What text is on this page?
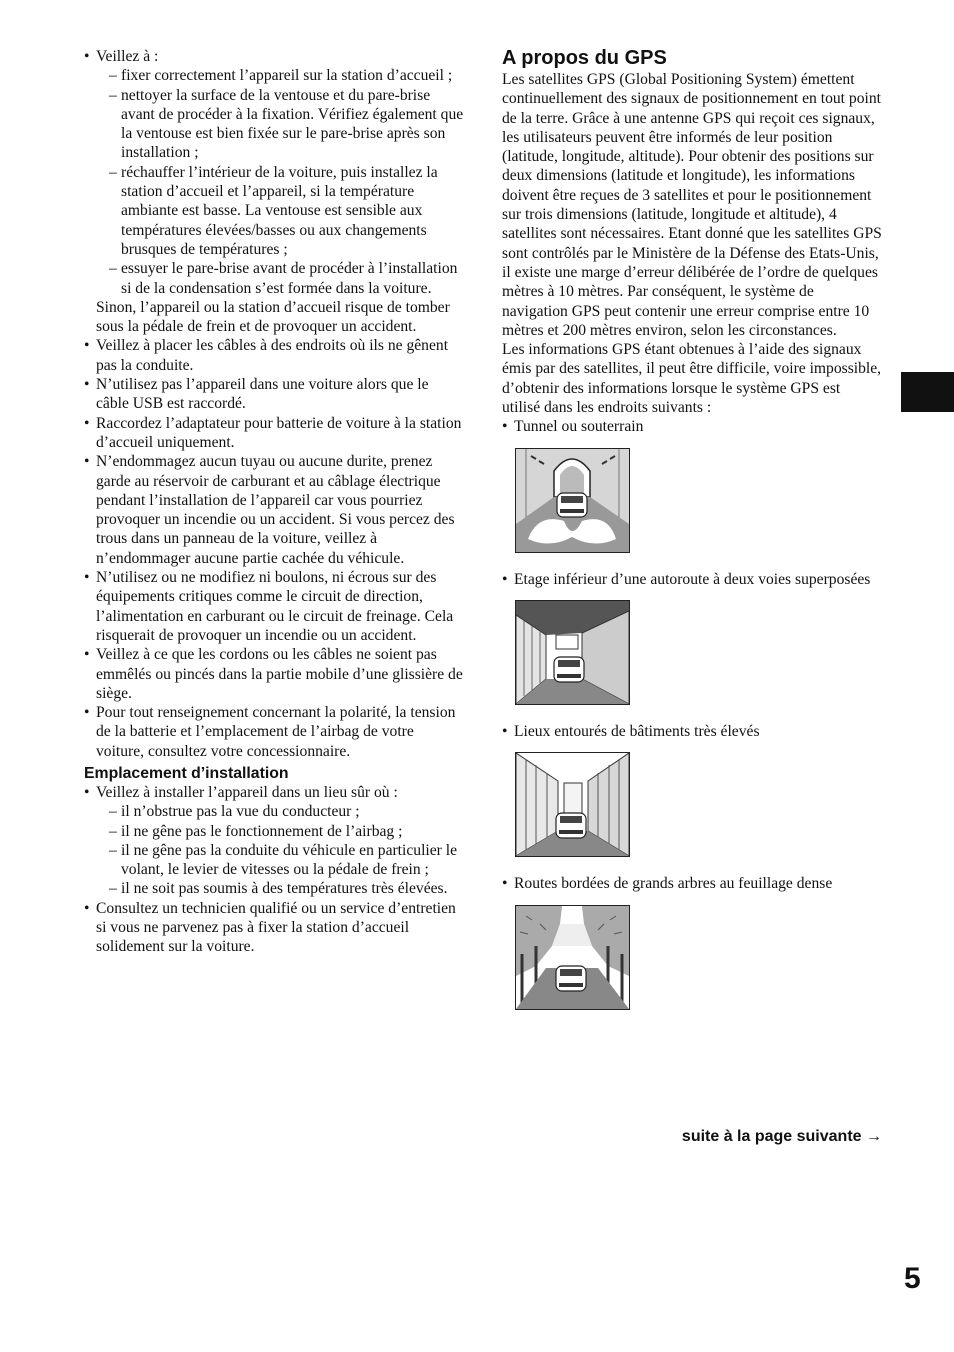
• Veillez à :
– fixer correctement l’appareil sur la station d’accueil ;
– nettoyer la surface de la ventouse et du pare-brise avant de procéder à la fixation. Vérifiez également que la ventouse est bien fixée sur le pare-brise après son installation ;
– réchauffer l’intérieur de la voiture, puis installez la station d’accueil et l’appareil, si la température ambiante est basse. La ventouse est sensible aux températures élevées/basses ou aux changements brusques de températures ;
– essuyer le pare-brise avant de procéder à l’installation si de la condensation s’est formée dans la voiture.
Sinon, l’appareil ou la station d’accueil risque de tomber sous la pédale de frein et de provoquer un accident.
• Veillez à placer les câbles à des endroits où ils ne gênent pas la conduite.
• N’utilisez pas l’appareil dans une voiture alors que le câble USB est raccordé.
• Raccordez l’adaptateur pour batterie de voiture à la station d’accueil uniquement.
• N’endommagez aucun tuyau ou aucune durite, prenez garde au réservoir de carburant et au câblage électrique pendant l’installation de l’appareil car vous pourriez provoquer un incendie ou un accident. Si vous percez des trous dans un panneau de la voiture, veillez à n’endommager aucune partie cachée du véhicule.
• N’utilisez ou ne modifiez ni boulons, ni écrous sur des équipements critiques comme le circuit de direction, l’alimentation en carburant ou le circuit de freinage. Cela risquerait de provoquer un incendie ou un accident.
• Veillez à ce que les cordons ou les câbles ne soient pas emmêlés ou pincés dans la partie mobile d’une glissière de siège.
• Pour tout renseignement concernant la polarité, la tension de la batterie et l’emplacement de l’airbag de votre voiture, consultez votre concessionnaire.
Emplacement d’installation
• Veillez à installer l’appareil dans un lieu sûr où :
– il n’obstrue pas la vue du conducteur ;
– il ne gêne pas le fonctionnement de l’airbag ;
– il ne gêne pas la conduite du véhicule en particulier le volant, le levier de vitesses ou la pédale de frein ;
– il ne soit pas soumis à des températures très élevées.
• Consultez un technicien qualifié ou un service d’entretien si vous ne parvenez pas à fixer la station d’accueil solidement sur la voiture.
A propos du GPS

Les satellites GPS (Global Positioning System) émettent continuellement des signaux de positionnement en tout point de la terre. Grâce à une antenne GPS qui reçoit ces signaux, les utilisateurs peuvent être informés de leur position (latitude, longitude, altitude). Pour obtenir des positions sur deux dimensions (latitude et longitude), les informations doivent être reçues de 3 satellites et pour le positionnement sur trois dimensions (latitude, longitude et altitude), 4 satellites sont nécessaires. Etant donné que les satellites GPS sont contrôlés par le Ministère de la Défense des Etats-Unis, il existe une marge d’erreur délibérée de l’ordre de quelques mètres à 10 mètres. Par conséquent, le système de navigation GPS peut contenir une erreur comprise entre 10 mètres et 200 mètres environ, selon les circonstances.

Les informations GPS étant obtenues à l’aide des signaux émis par des satellites, il peut être difficile, voire impossible, d’obtenir des informations lorsque le système GPS est utilisé dans les endroits suivants :

• Tunnel ou souterrain
• Etage inférieur d’une autoroute à deux voies superposées
• Lieux entourés de bâtiments très élevés
• Routes bordées de grands arbres au feuillage dense
suite à la page suivante →
5
